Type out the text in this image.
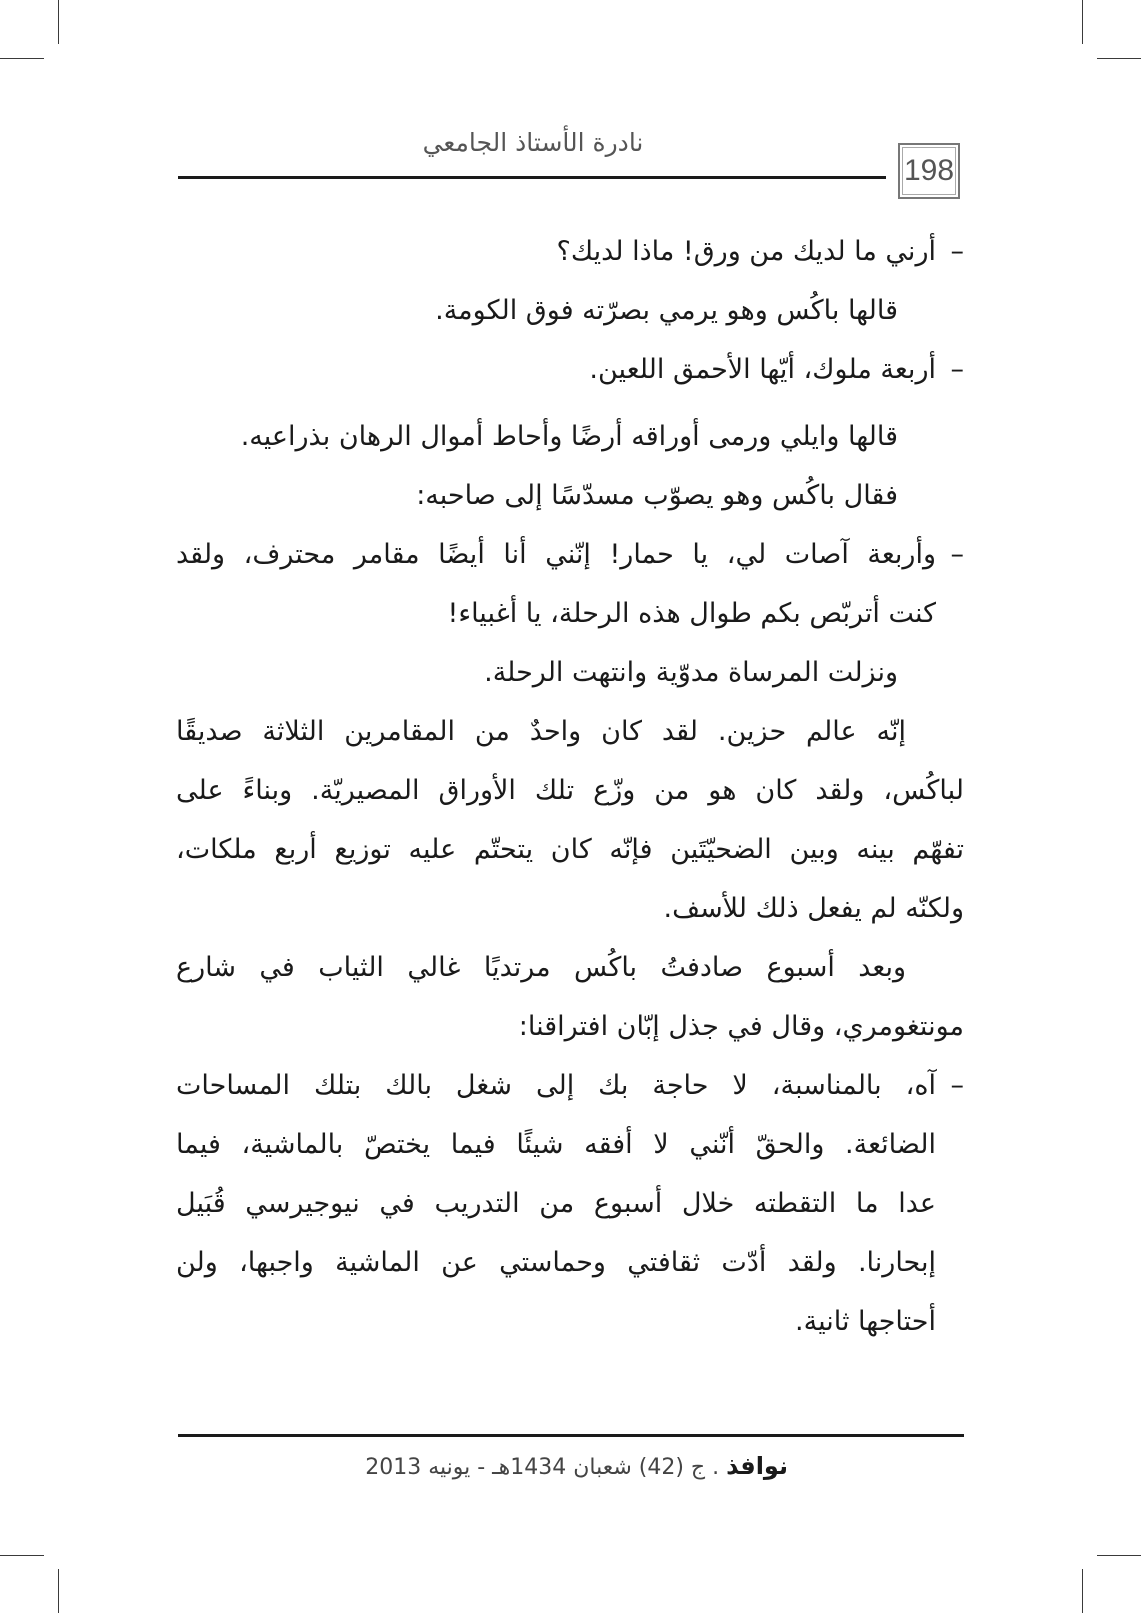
نادرة الأستاذ الجامعي
198
–
أرني ما لديك من ورق! ماذا لديك؟
قالها باكُس وهو يرمي بصرّته فوق الكومة.
–
أربعة ملوك، أيّها الأحمق اللعين.
قالها وايلي ورمى أوراقه أرضًا وأحاط أموال الرهان بذراعيه.
فقال باكُس وهو يصوّب مسدّسًا إلى صاحبه:
–
وأربعة آصات لي، يا حمار! إنّني أنا أيضًا مقامر محترف، ولقد
كنت أتربّص بكم طوال هذه الرحلة، يا أغبياء!
ونزلت المرساة مدوّية وانتهت الرحلة.
إنّه عالم حزين. لقد كان واحدٌ من المقامرين الثلاثة صديقًا
لباكُس، ولقد كان هو من وزّع تلك الأوراق المصيريّة. وبناءً على
تفهّم بينه وبين الضحيّتَين فإنّه كان يتحتّم عليه توزيع أربع ملكات،
ولكنّه لم يفعل ذلك للأسف.
وبعد أسبوع صادفتُ باكُس مرتديًا غالي الثياب في شارع
مونتغومري، وقال في جذل إبّان افتراقنا:
–
آه، بالمناسبة، لا حاجة بك إلى شغل بالك بتلك المساحات
الضائعة. والحقّ أنّني لا أفقه شيئًا فيما يختصّ بالماشية، فيما
عدا ما التقطته خلال أسبوع من التدريب في نيوجيرسي قُبَيل
إبحارنا. ولقد أدّت ثقافتي وحماستي عن الماشية واجبها، ولن
أحتاجها ثانية.
نوافذ . ج (42) شعبان 1434هـ - يونيه 2013
